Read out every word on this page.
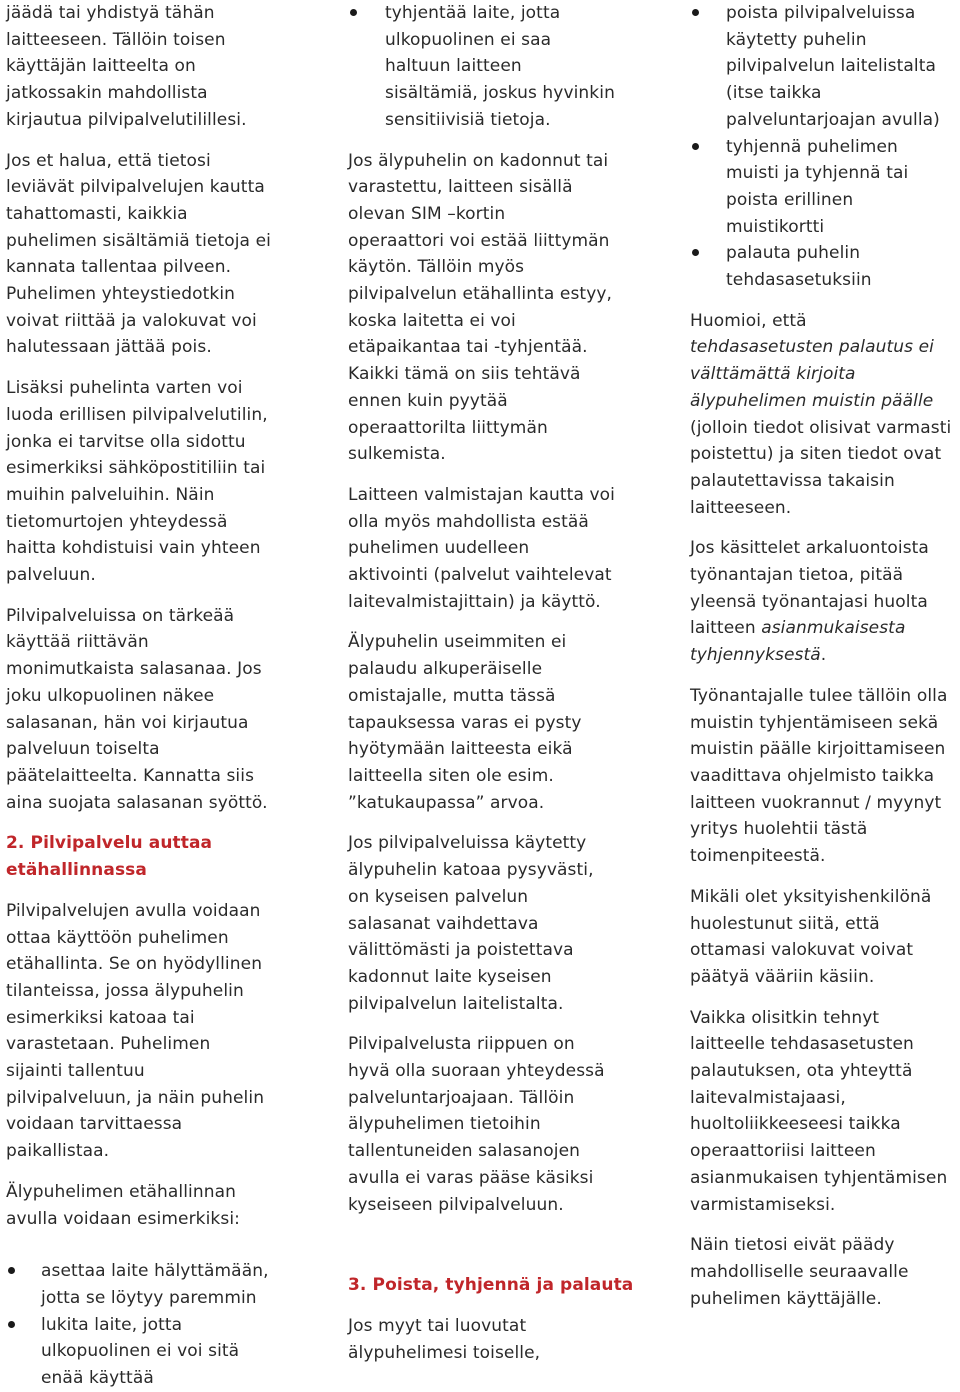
jäädä tai yhdistyä tähän
laitteeseen. Tällöin toisen
käyttäjän laitteelta on
jatkossakin mahdollista
kirjautua pilvipalvelutilillesi.

Jos et halua, että tietosi
leviävät pilvipalvelujen kautta
tahattomasti, kaikkia
puhelimen sisältämiä tietoja ei
kannata tallentaa pilveen.
Puhelimen yhteystiedotkin
voivat riittää ja valokuvat voi
halutessaan jättää pois.

Lisäksi puhelinta varten voi
luoda erillisen pilvipalvelutilin,
jonka ei tarvitse olla sidottu
esimerkiksi sähköpostitiliin tai
muihin palveluihin. Näin
tietomurtojen yhteydessä
haitta kohdistuisi vain yhteen
palveluun.

Pilvipalveluissa on tärkeää
käyttää riittävän
monimutkaista salasanaa. Jos
joku ulkopuolinen näkee
salasanan, hän voi kirjautua
palveluun toiselta
päätelaitteelta. Kannatta siis
aina suojata salasanan syöttö.

2. Pilvipalvelu auttaa
etähallinnassa

Pilvipalvelujen avulla voidaan
ottaa käyttöön puhelimen
etähallinta. Se on hyödyllinen
tilanteissa, jossa älypuhelin
esimerkiksi katoaa tai
varastetaan. Puhelimen
sijainti tallentuu
pilvipalveluun, ja näin puhelin
voidaan tarvittaessa
paikallistaa.

Älypuhelimen etähallinnan
avulla voidaan esimerkiksi:

asettaa laite hälyttämään,
jotta se löytyy paremmin
lukita laite, jotta
ulkopuolinen ei voi sitä
enää käyttää
tyhjentää laite, jotta
ulkopuolinen ei saa
haltuun laitteen
sisältämiä, joskus hyvinkin
sensitiivisiä tietoja.

Jos älypuhelin on kadonnut tai
varastettu, laitteen sisällä
olevan SIM –kortin
operaattori voi estää liittymän
käytön. Tällöin myös
pilvipalvelun etähallinta estyy,
koska laitetta ei voi
etäpaikantaa tai -tyhjentää.
Kaikki tämä on siis tehtävä
ennen kuin pyytää
operaattorilta liittymän
sulkemista.

Laitteen valmistajan kautta voi
olla myös mahdollista estää
puhelimen uudelleen
aktivointi (palvelut vaihtelevat
laitevalmistajittain) ja käyttö.

Älypuhelin useimmiten ei
palaudu alkuperäiselle
omistajalle, mutta tässä
tapauksessa varas ei pysty
hyötymään laitteesta eikä
laitteella siten ole esim.
”katukaupassa” arvoa.

Jos pilvipalveluissa käytetty
älypuhelin katoaa pysyvästi,
on kyseisen palvelun
salasanat vaihdettava
välittömästi ja poistettava
kadonnut laite kyseisen
pilvipalvelun laitelistalta.

Pilvipalvelusta riippuen on
hyvä olla suoraan yhteydessä
palveluntarjoajaan. Tällöin
älypuhelimen tietoihin
tallentuneiden salasanojen
avulla ei varas pääse käsiksi
kyseiseen pilvipalveluun.

3. Poista, tyhjennä ja palauta

Jos myyt tai luovutat
älypuhelimesi toiselle,

poista pilvipalveluissa
käytetty puhelin
pilvipalvelun laitelistalta
(itse taikka
palveluntarjoajan avulla)
tyhjennä puhelimen
muisti ja tyhjennä tai
poista erillinen
muistikortti
palauta puhelin
tehdasasetuksiin

Huomioi, että
tehdasasetusten palautus ei
välttämättä kirjoita
älypuhelimen muistin päälle
(jolloin tiedot olisivat varmasti
poistettu) ja siten tiedot ovat
palautettavissa takaisin
laitteeseen.

Jos käsittelet arkaluontoista
työnantajan tietoa, pitää
yleensä työnantajasi huolta
laitteen asianmukaisesta
tyhjennyksestä.

Työnantajalle tulee tällöin olla
muistin tyhjentämiseen sekä
muistin päälle kirjoittamiseen
vaadittava ohjelmisto taikka
laitteen vuokrannut / myynyt
yritys huolehtii tästä
toimenpiteestä.

Mikäli olet yksityishenkilönä
huolestunut siitä, että
ottamasi valokuvat voivat
päätyä vääriin käsiin.

Vaikka olisitkin tehnyt
laitteelle tehdasasetusten
palautuksen, ota yhteyttä
laitevalmistajaasi,
huoltoliikkeeseesi taikka
operaattoriisi laitteen
asianmukaisen tyhjentämisen
varmistamiseksi.

Näin tietosi eivät päädy
mahdolliselle seuraavalle
puhelimen käyttäjälle.
